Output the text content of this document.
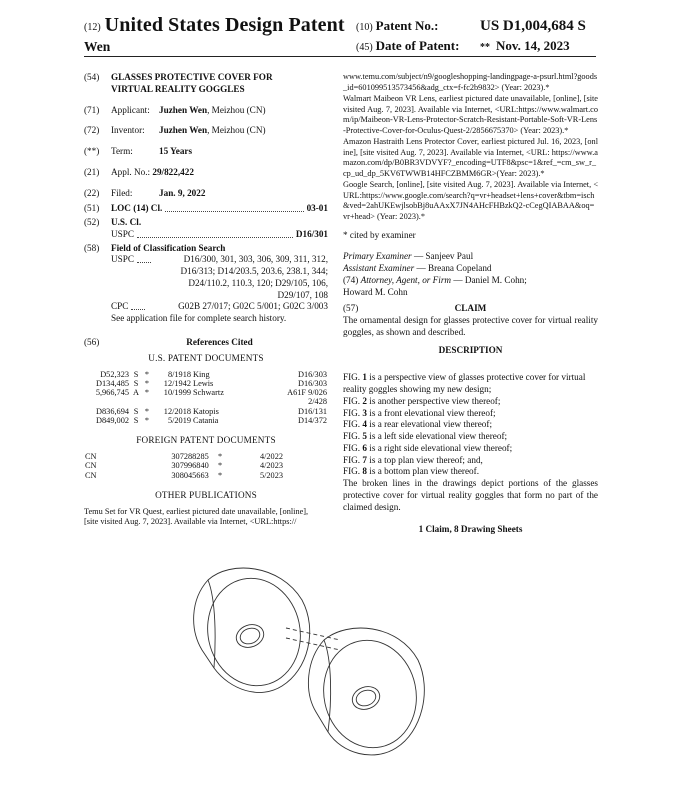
(12) United States Design Patent
Wen
(10) Patent No.:	US D1,004,684 S
(45) Date of Patent:	** Nov. 14, 2023
(54)	GLASSES PROTECTIVE COVER FOR
VIRTUAL REALITY GOGGLES
(71)	Applicant: Juzhen Wen, Meizhou (CN)
(72)	Inventor: Juzhen Wen, Meizhou (CN)
(**)	Term:	15 Years
(21)	Appl. No.: 29/822,422
(22)	Filed:	Jan. 9, 2022
(51)	LOC (14) Cl.	03-01
(52)	U.S. Cl.
USPC	D16/301
(58)	Field of Classification Search
USPC	D16/300, 301, 303, 306, 309, 311, 312,
D16/313; D14/203.5, 203.6, 238.1, 344;
D24/110.2, 110.3, 120; D29/105, 106,
D29/107, 108
CPC	G02B 27/017; G02C 5/001; G02C 3/003
See application file for complete search history.
(56)	References Cited
U.S. PATENT DOCUMENTS
D52,323	S	*	8/1918	King	D16/303
D134,485	S	*	12/1942	Lewis	D16/303
5,966,745	A	*	10/1999	Schwartz	A61F 9/026
					2/428
D836,694	S	*	12/2018	Katopis	D16/131
D849,002	S	*	5/2019	Catania	D14/372
FOREIGN PATENT DOCUMENTS
CN	307288285	*	4/2022
CN	307996840	*	4/2023
CN	308045663	*	5/2023
OTHER PUBLICATIONS
Temu Set for VR Quest, earliest pictured date unavailable, [online],
[site visited Aug. 7, 2023]. Available via Internet, <URL:https://
www.temu.com/subject/n9/googleshopping-landingpage-a-psurl.html?goods_id=601099513573456&adg_ctx=f-fc2b9832> (Year: 2023).*
Walmart Maibeon VR Lens, earliest pictured date unavailable, [online], [site visited Aug. 7, 2023]. Available via Internet, <URL:https://www.walmart.com/ip/Maibeon-VR-Lens-Protector-Scratch-Resistant-Portable-Soft-VR-Lens-Protective-Cover-for-Oculus-Quest-2/2856675370> (Year: 2023).*
Amazon Hastraith Lens Protector Cover, earliest pictured Jul. 16, 2023, [online], [site visited Aug. 7, 2023]. Available via Internet, <URL: https://www.amazon.com/dp/B0BR3VDVYF?_encoding=UTF8&psc=1&ref_=cm_sw_r_cp_ud_dp_5KV6TWWB14HFCZBMM6GR>(Year: 2023).*
Google Search, [online], [site visited Aug. 7, 2023]. Available via Internet, <URL:https://www.google.com/search?q=vr+headset+lens+cover&tbm=isch&ved=2ahUKEwjlsobBj8uAAxX7JN4AHcFHBzkQ2-cCegQIABAA&oq=vr+head> (Year: 2023).*
* cited by examiner
Primary Examiner — Sanjeev Paul
Assistant Examiner — Breana Copeland
(74) Attorney, Agent, or Firm — Daniel M. Cohn;
Howard M. Cohn
(57)	CLAIM
The ornamental design for glasses protective cover for virtual reality goggles, as shown and described.
DESCRIPTION
FIG. 1 is a perspective view of glasses protective cover for virtual reality goggles showing my new design;
FIG. 2 is another perspective view thereof;
FIG. 3 is a front elevational view thereof;
FIG. 4 is a rear elevational view thereof;
FIG. 5 is a left side elevational view thereof;
FIG. 6 is a right side elevational view thereof;
FIG. 7 is a top plan view thereof; and,
FIG. 8 is a bottom plan view thereof.
The broken lines in the drawings depict portions of the glasses protective cover for virtual reality goggles that form no part of the claimed design.
1 Claim, 8 Drawing Sheets
